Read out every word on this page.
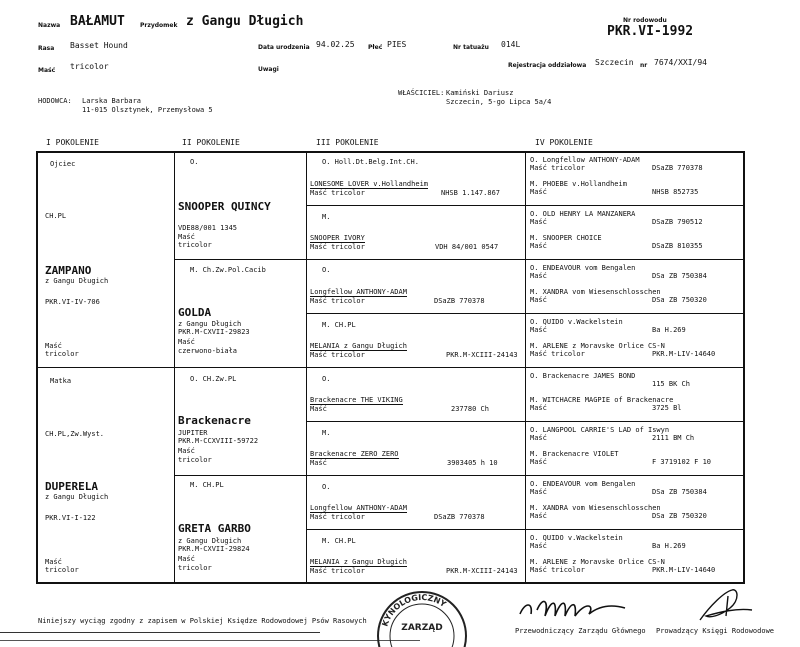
Nazwa BAŁAMUT	Przydomek z Gangu Długich	Nr rodowodu
PKR.VI-1992
Rasa Basset Hound	Data urodzenia 94.02.25 Płeć PIES	Nr tatuażu 014L
Maść tricolor	Uwagi
Rejestracja oddziałowa Szczecin nr 7674/XXI/94
HODOWCA: Larska Barbara
11-015 Olsztynek, Przemysłowa 5
WŁAŚCICIEL: Kamiński Dariusz
Szczecin, 5-go Lipca 5a/4
I POKOLENIE	II POKOLENIE	III POKOLENIE	IV POKOLENIE
Ojciec
CH.PL
ZAMPANO
z Gangu Długich
PKR.VI-IV-706
Maść
tricolor
Matka
CH.PL,Zw.Wyst.
DUPERELA
z Gangu Długich
PKR.VI-I-122
Maść
tricolor
O.
SNOOPER QUINCY
VDE88/001 1345
Maść
tricolor
M. Ch.Zw.Pol.Cacib
GOLDA
z Gangu Długich
PKR.M-CXVII-29823
Maść
czerwono-biała
O. CH.Zw.PL
Brackenacre
JUPITER
PKR.M-CCXVIII-59722
Maść
tricolor
M. CH.PL
GRETA GARBO
z Gangu Długich
PKR.M-CXVII-29824
Maść
tricolor
O. Holl.Dt.Belg.Int.CH.
LONESOME LOVER v.Hollandheim
Maść tricolor	NHSB 1.147.867
M.
SNOOPER IVORY
Maść tricolor	VDH 84/001 0547
O.
Longfellow ANTHONY-ADAM
Maść tricolor	DSaZB 770378
M. CH.PL
MELANIA z Gangu Długich
Maść tricolor	PKR.M-XCIII-24143
O.
Brackenacre THE VIKING
Maść	237780 Ch
M.
Brackenacre ZERO ZERO
Maść	3903405 h 10
O.
Longfellow ANTHONY-ADAM
Maść tricolor	DSaZB 770378
M. CH.PL
MELANIA z Gangu Długich
Maść tricolor	PKR.M-XCIII-24143
O. Longfellow ANTHONY-ADAM
Maść tricolor	DSaZB 770378
M. PHOEBE v.Hollandheim
Maść	NHSB 852735
O. OLD HENRY LA MANZANERA
Maść	DSaZB 790512
M. SNOOPER CHOICE
Maść	DSaZB 810355
O. ENDEAVOUR vom Bengalen
Maść	DSa ZB 750384
M. XANDRA vom Wiesenschlosschen
Maść	DSa ZB 750320
O. QUIDO v.Wackelstein
Maść	Ba H.269
M. ARLENE z Moravske Orlice CS-N
Maść tricolor	PKR.M-LIV-14640
O. Brackenacre JAMES BOND
115 BK Ch
M. WITCHACRE MAGPIE of Brackenacre
Maść	3725 Bl
O. LANGPOOL CARRIE'S LAD of Iswyn
Maść	2111 BM Ch
M. Brackenacre VIOLET
Maść	F 3719102 F 10
O. ENDEAVOUR vom Bengalen
Maść	DSa ZB 750384
M. XANDRA vom Wiesenschlosschen
Maść	DSa ZB 750320
O. QUIDO v.Wackelstein
Maść	Ba H.269
M. ARLENE z Moravske Orlice CS-N
Maść tricolor	PKR.M-LIV-14640
Niniejszy wyciąg zgodny z zapisem w Polskiej Księdze Rodowodowej Psów Rasowych KYNOLOGICZNY
ZARZĄD	Przewodniczący Zarządu Głównego Prowadzący Księgi Rodowodowe
